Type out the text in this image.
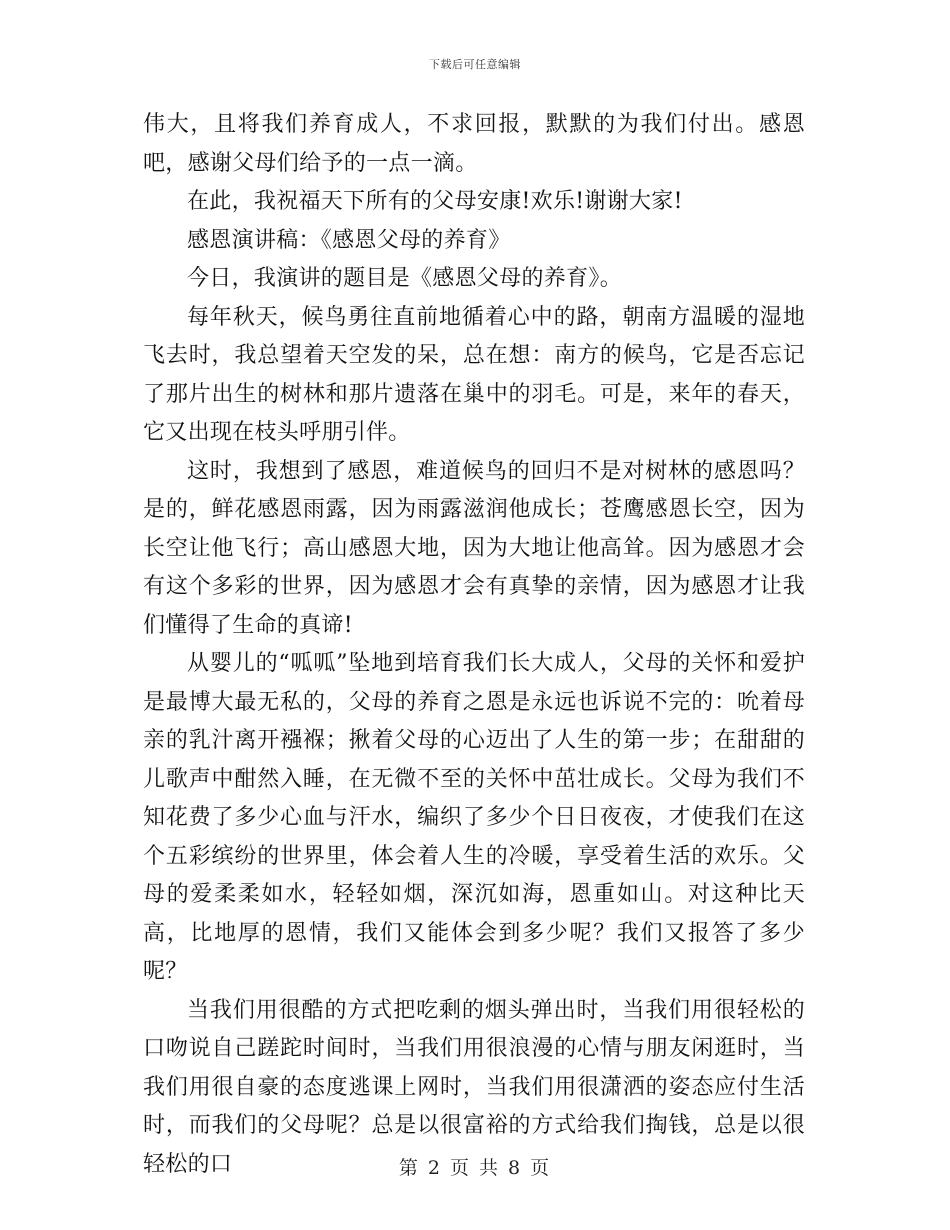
下载后可任意编辑

伟大，且将我们养育成人，不求回报，默默的为我们付出。感恩吧，感谢父母们给予的一点一滴。

在此，我祝福天下所有的父母安康!欢乐!谢谢大家!

感恩演讲稿：《感恩父母的养育》

今日，我演讲的题目是《感恩父母的养育》。

每年秋天，候鸟勇往直前地循着心中的路，朝南方温暖的湿地飞去时，我总望着天空发的呆，总在想：南方的候鸟，它是否忘记了那片出生的树林和那片遗落在巢中的羽毛。可是，来年的春天，它又出现在枝头呼朋引伴。

这时，我想到了感恩，难道候鸟的回归不是对树林的感恩吗？是的，鲜花感恩雨露，因为雨露滋润他成长；苍鹰感恩长空，因为长空让他飞行；高山感恩大地，因为大地让他高耸。因为感恩才会有这个多彩的世界，因为感恩才会有真挚的亲情，因为感恩才让我们懂得了生命的真谛!

从婴儿的“呱呱”坠地到培育我们长大成人，父母的关怀和爱护是最博大最无私的，父母的养育之恩是永远也诉说不完的：吮着母亲的乳汁离开襁褓；揪着父母的心迈出了人生的第一步；在甜甜的儿歌声中酣然入睡，在无微不至的关怀中茁壮成长。父母为我们不知花费了多少心血与汗水，编织了多少个日日夜夜，才使我们在这个五彩缤纷的世界里，体会着人生的冷暖，享受着生活的欢乐。父母的爱柔柔如水，轻轻如烟，深沉如海，恩重如山。对这种比天高，比地厚的恩情，我们又能体会到多少呢？我们又报答了多少呢？

当我们用很酷的方式把吃剩的烟头弹出时，当我们用很轻松的口吻说自己蹉跎时间时，当我们用很浪漫的心情与朋友闲逛时，当我们用很自豪的态度逃课上网时，当我们用很潇洒的姿态应付生活时，而我们的父母呢？总是以很富裕的方式给我们掏钱，总是以很轻松的口	第 2 页 共 8 页
